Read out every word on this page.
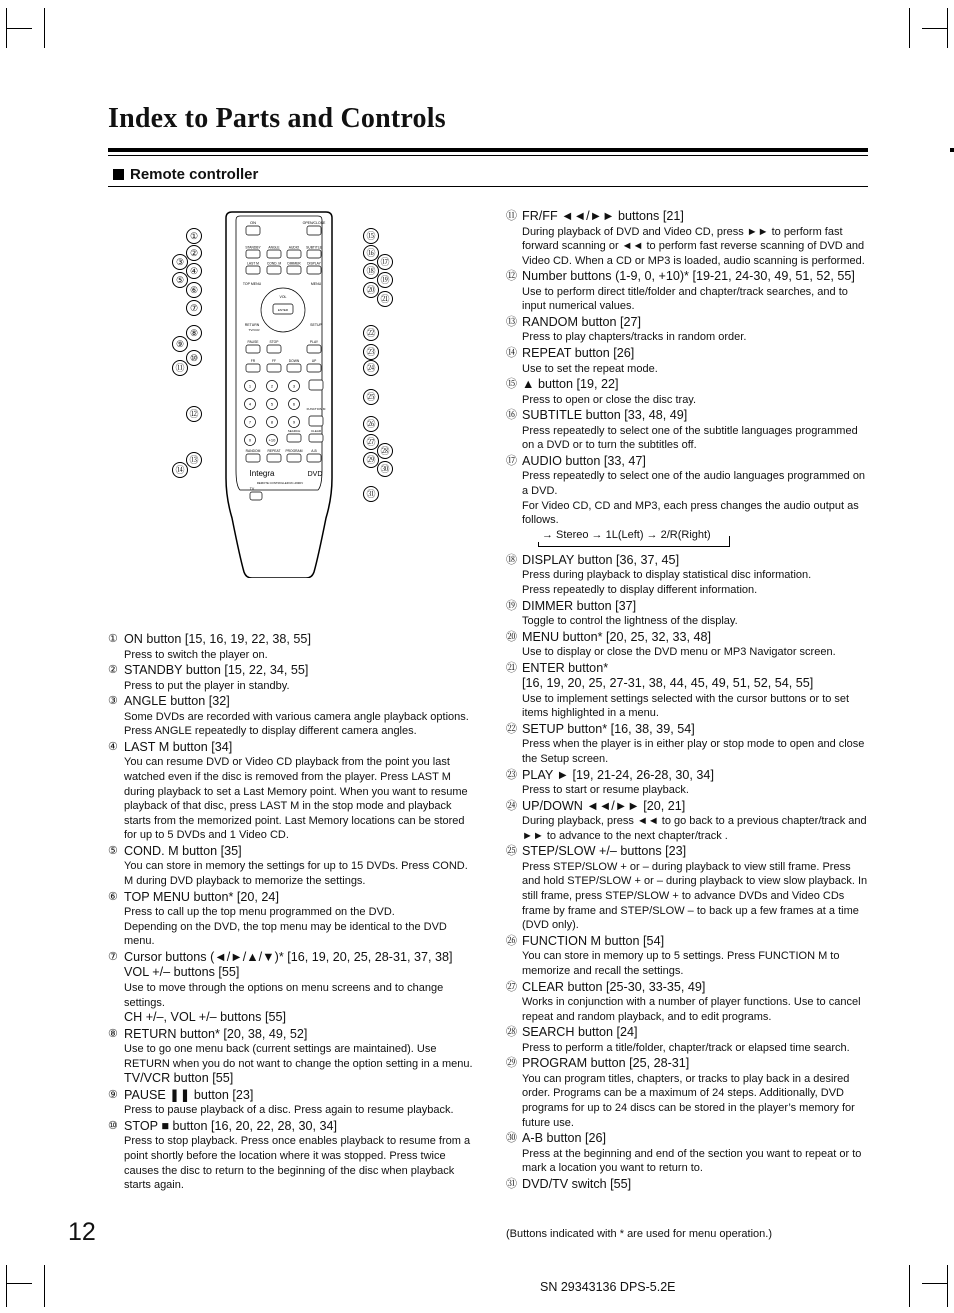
Index to Parts and Controls
Remote controller
ON	OPEN/CLOSE
STANDBY ANGLE	AUDIO SUBTITLE
LAST M COND. M DIMMER DISPLAY
TOP MENU	MENU
ENTER
VOL
RETURN
TV/VCR
SETUP
PAUSE	STOP	PLAY
FR	FF	DOWN	UP
1	2	3
4	5	6
7	8	9
0	+10
FUNCTION M
SEARCH	CLEAR
RANDOM REPEAT PROGRAM	A-B
Integra	DVD
REMOTE CONTROLLER RC-493DV
TV
①
②
③
④
⑤
⑥
⑦
⑧
⑨
⑩
⑪
⑫
⑬
⑭
⑮
⑯
⑰
⑱
⑲
⑳
㉑
㉒
㉓
㉔
㉕
㉖
㉗
㉘
㉙
㉚
㉛
① ON button [15, 16, 19, 22, 38, 55]

Press to switch the player on.

② STANDBY button [15, 22, 34, 55]

Press to put the player in standby.

③ ANGLE button [32]

Some DVDs are recorded with various camera angle playback options. Press ANGLE repeatedly to display different camera angles.

④ LAST M button [34]

You can resume DVD or Video CD playback from the point you last watched even if the disc is removed from the player. Press LAST M during playback to set a Last Memory point. When you want to resume playback of that disc, press LAST M in the stop mode and playback starts from the memorized point. Last Memory locations can be stored for up to 5 DVDs and 1 Video CD.

⑤ COND. M button [35]

You can store in memory the settings for up to 15 DVDs. Press COND. M during DVD playback to memorize the settings.

⑥ TOP MENU button* [20, 24]

Press to call up the top menu programmed on the DVD.

Depending on the DVD, the top menu may be identical to the DVD menu.

⑦ Cursor buttons (◄/►/▲/▼)* [16, 19, 20, 25, 28-31, 37, 38]
VOL +/– buttons [55]

Use to move through the options on menu screens and to change settings.

CH +/–, VOL +/– buttons [55]
⑧ RETURN button* [20, 38, 49, 52]

Use to go one menu back (current settings are maintained). Use RETURN when you do not want to change the option setting in a menu.

TV/VCR button [55]
⑨ PAUSE ❚❚ button [23]

Press to pause playback of a disc. Press again to resume playback.

⑩ STOP ■ button [16, 20, 22, 28, 30, 34]

Press to stop playback. Press once enables playback to resume from a point shortly before the location where it was stopped. Press twice causes the disc to return to the beginning of the disc when playback starts again.

⑪ FR/FF ◄◄/►► buttons [21]

During playback of DVD and Video CD, press ►► to perform fast forward scanning or ◄◄ to perform fast reverse scanning of DVD and Video CD. When a CD or MP3 is loaded, audio scanning is performed.

⑫ Number buttons (1-9, 0, +10)* [19-21, 24-30, 49, 51, 52, 55]

Use to perform direct title/folder and chapter/track searches, and to input numerical values.

⑬ RANDOM button [27]

Press to play chapters/tracks in random order.

⑭ REPEAT button [26]

Use to set the repeat mode.

⑮ ▲ button [19, 22]

Press to open or close the disc tray.

⑯ SUBTITLE button [33, 48, 49]

Press repeatedly to select one of the subtitle languages programmed on a DVD or to turn the subtitles off.

⑰ AUDIO button [33, 47]

Press repeatedly to select one of the audio languages programmed on a DVD.

For Video CD, CD and MP3, each press changes the audio output as follows.

→ Stereo → 1L(Left) → 2/R(Right)
⑱ DISPLAY button [36, 37, 45]

Press during playback to display statistical disc information.

Press repeatedly to display different information.

⑲ DIMMER button [37]

Toggle to control the lightness of the display.

⑳ MENU button* [20, 25, 32, 33, 48]

Use to display or close the DVD menu or MP3 Navigator screen.

㉑ ENTER button*
[16, 19, 20, 25, 27-31, 38, 44, 45, 49, 51, 52, 54, 55]

Use to implement settings selected with the cursor buttons or to set items highlighted in a menu.

㉒ SETUP button* [16, 38, 39, 54]

Press when the player is in either play or stop mode to open and close the Setup screen.

㉓ PLAY ► [19, 21-24, 26-28, 30, 34]

Press to start or resume playback.

㉔ UP/DOWN ◄◄/►► [20, 21]

During playback, press ◄◄ to go back to a previous chapter/track and ►► to advance to the next chapter/track .

㉕ STEP/SLOW +/– buttons [23]

Press STEP/SLOW + or – during playback to view still frame. Press and hold STEP/SLOW + or – during playback to view slow playback. In still frame, press STEP/SLOW + to advance DVDs and Video CDs frame by frame and STEP/SLOW – to back up a few frames at a time (DVD only).

㉖ FUNCTION M button [54]

You can store in memory up to 5 settings. Press FUNCTION M to memorize and recall the settings.

㉗ CLEAR button [25-30, 33-35, 49]

Works in conjunction with a number of player functions. Use to cancel repeat and random playback, and to edit programs.

㉘ SEARCH button [24]

Press to perform a title/folder, chapter/track or elapsed time search.

㉙ PROGRAM button [25, 28-31]

You can program titles, chapters, or tracks to play back in a desired order. Programs can be a maximum of 24 steps. Additionally, DVD programs for up to 24 discs can be stored in the player’s memory for future use.

㉚ A-B button [26]

Press at the beginning and end of the section you want to repeat or to mark a location you want to return to.

㉛ DVD/TV switch [55]
12	(Buttons indicated with * are used for menu operation.)
SN 29343136 DPS-5.2E
